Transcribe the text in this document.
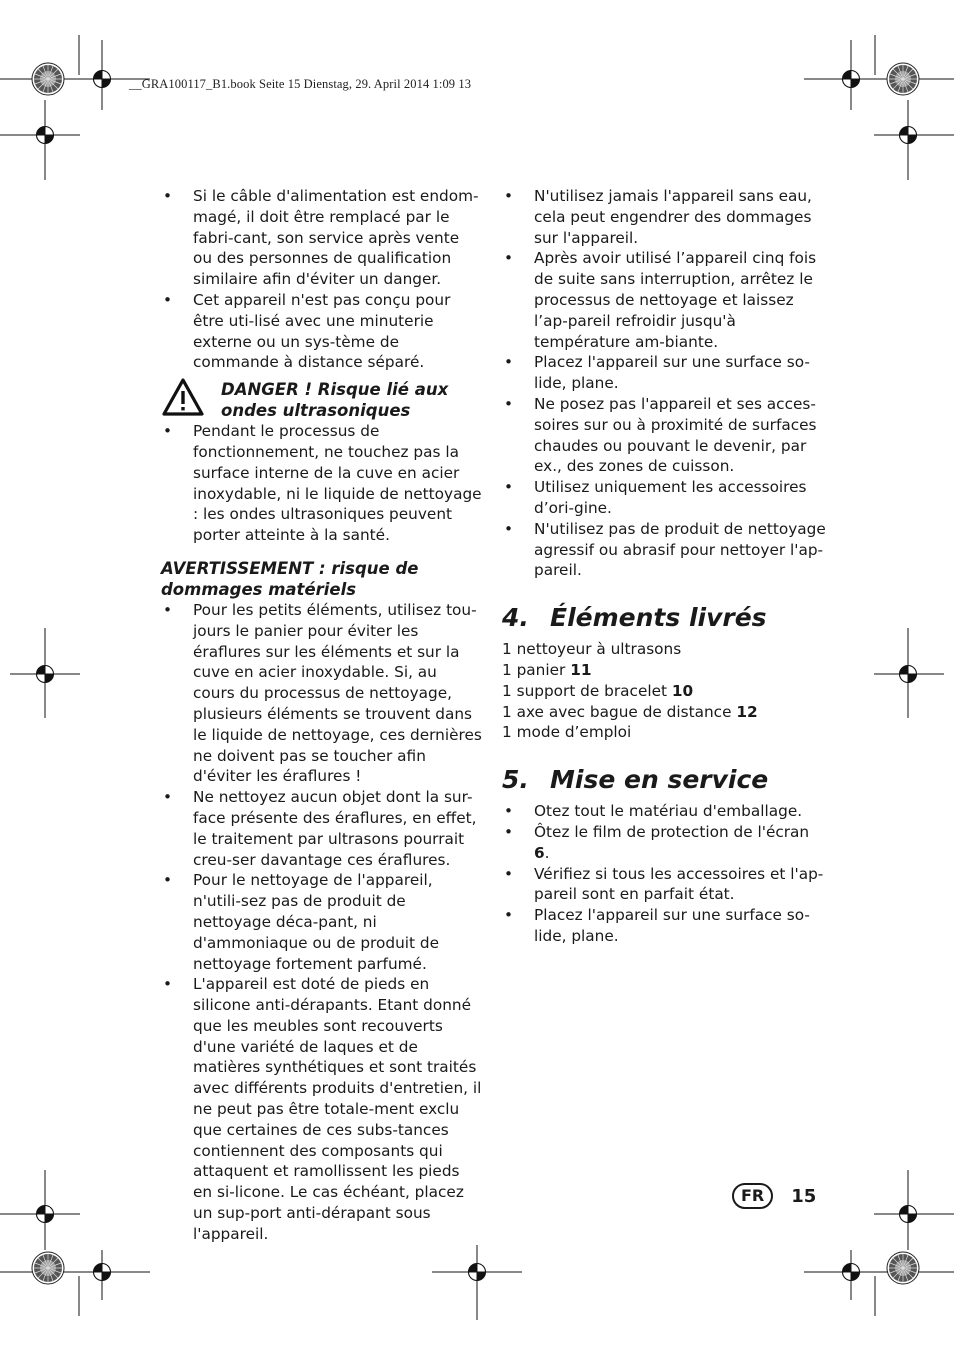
__GRA100117_B1.book Seite 15 Dienstag, 29. April 2014 1:09 13
• Si le câble d'alimentation est endom-magé, il doit être remplacé par le fabri-cant, son service après vente ou des personnes de qualification similaire afin d'éviter un danger.
• Cet appareil n'est pas conçu pour être uti-lisé avec une minuterie externe ou un sys-tème de commande à distance séparé.
DANGER ! Risque lié aux ondes ultrasoniques
• Pendant le processus de fonctionnement, ne touchez pas la surface interne de la cuve en acier inoxydable, ni le liquide de nettoyage : les ondes ultrasoniques peuvent porter atteinte à la santé.
AVERTISSEMENT : risque de dommages matériels
• Pour les petits éléments, utilisez tou-jours le panier pour éviter les éraflures sur les éléments et sur la cuve en acier inoxydable. Si, au cours du processus de nettoyage, plusieurs éléments se trouvent dans le liquide de nettoyage, ces dernières ne doivent pas se toucher afin d'éviter les éraflures !
• Ne nettoyez aucun objet dont la sur-face présente des éraflures, en effet, le traitement par ultrasons pourrait creu-ser davantage ces éraflures.
• Pour le nettoyage de l'appareil, n'utili-sez pas de produit de nettoyage déca-pant, ni d'ammoniaque ou de produit de nettoyage fortement parfumé.
• L'appareil est doté de pieds en silicone anti-dérapants. Etant donné que les meubles sont recouverts d'une variété de laques et de matières synthétiques et sont traités avec différents produits d'entretien, il ne peut pas être totale-ment exclu que certaines de ces subs-tances contiennent des composants qui attaquent et ramollissent les pieds en si-licone. Le cas échéant, placez un sup-port anti-dérapant sous l'appareil.
• N'utilisez jamais l'appareil sans eau, cela peut engendrer des dommages sur l'appareil.
• Après avoir utilisé l’appareil cinq fois de suite sans interruption, arrêtez le processus de nettoyage et laissez l’ap-pareil refroidir jusqu'à température am-biante.
• Placez l'appareil sur une surface so-lide, plane.
• Ne posez pas l'appareil et ses acces-soires sur ou à proximité de surfaces chaudes ou pouvant le devenir, par ex., des zones de cuisson.
• Utilisez uniquement les accessoires d’ori-gine.
• N'utilisez pas de produit de nettoyage agressif ou abrasif pour nettoyer l'ap-pareil.
4. Éléments livrés
1 nettoyeur à ultrasons
1 panier 11
1 support de bracelet 10
1 axe avec bague de distance 12
1 mode d’emploi
5. Mise en service
• Otez tout le matériau d'emballage.
• Ôtez le film de protection de l'écran 6.
• Vérifiez si tous les accessoires et l'ap-pareil sont en parfait état.
• Placez l'appareil sur une surface so-lide, plane.
FR	15
